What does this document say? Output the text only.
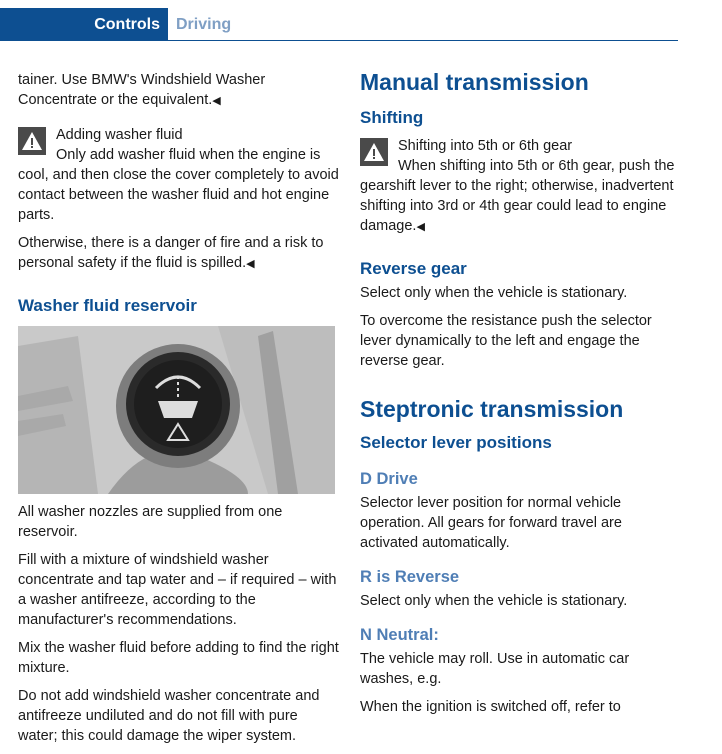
Controls	Driving

tainer. Use BMW's Windshield Washer Concentrate or the equivalent.◀

Adding washer fluid

Only add washer fluid when the engine is cool, and then close the cover completely to avoid contact between the washer fluid and hot engine parts.

Otherwise, there is a danger of fire and a risk to personal safety if the fluid is spilled.◀

Washer fluid reservoir

All washer nozzles are supplied from one reservoir.

Fill with a mixture of windshield washer concentrate and tap water and – if required – with a washer antifreeze, according to the manufacturer's recommendations.

Mix the washer fluid before adding to find the right mixture.

Do not add windshield washer concentrate and antifreeze undiluted and do not fill with pure water; this could damage the wiper system.

Manual transmission
Shifting
Shifting into 5th or 6th gear

When shifting into 5th or 6th gear, push the gearshift lever to the right; otherwise, inadvertent shifting into 3rd or 4th gear could lead to engine damage.◀

Reverse gear

Select only when the vehicle is stationary.

To overcome the resistance push the selector lever dynamically to the left and engage the reverse gear.

Steptronic transmission
Selector lever positions
D Drive

Selector lever position for normal vehicle operation. All gears for forward travel are activated automatically.

R is Reverse

Select only when the vehicle is stationary.

N Neutral:

The vehicle may roll. Use in automatic car washes, e.g.

When the ignition is switched off, refer to
